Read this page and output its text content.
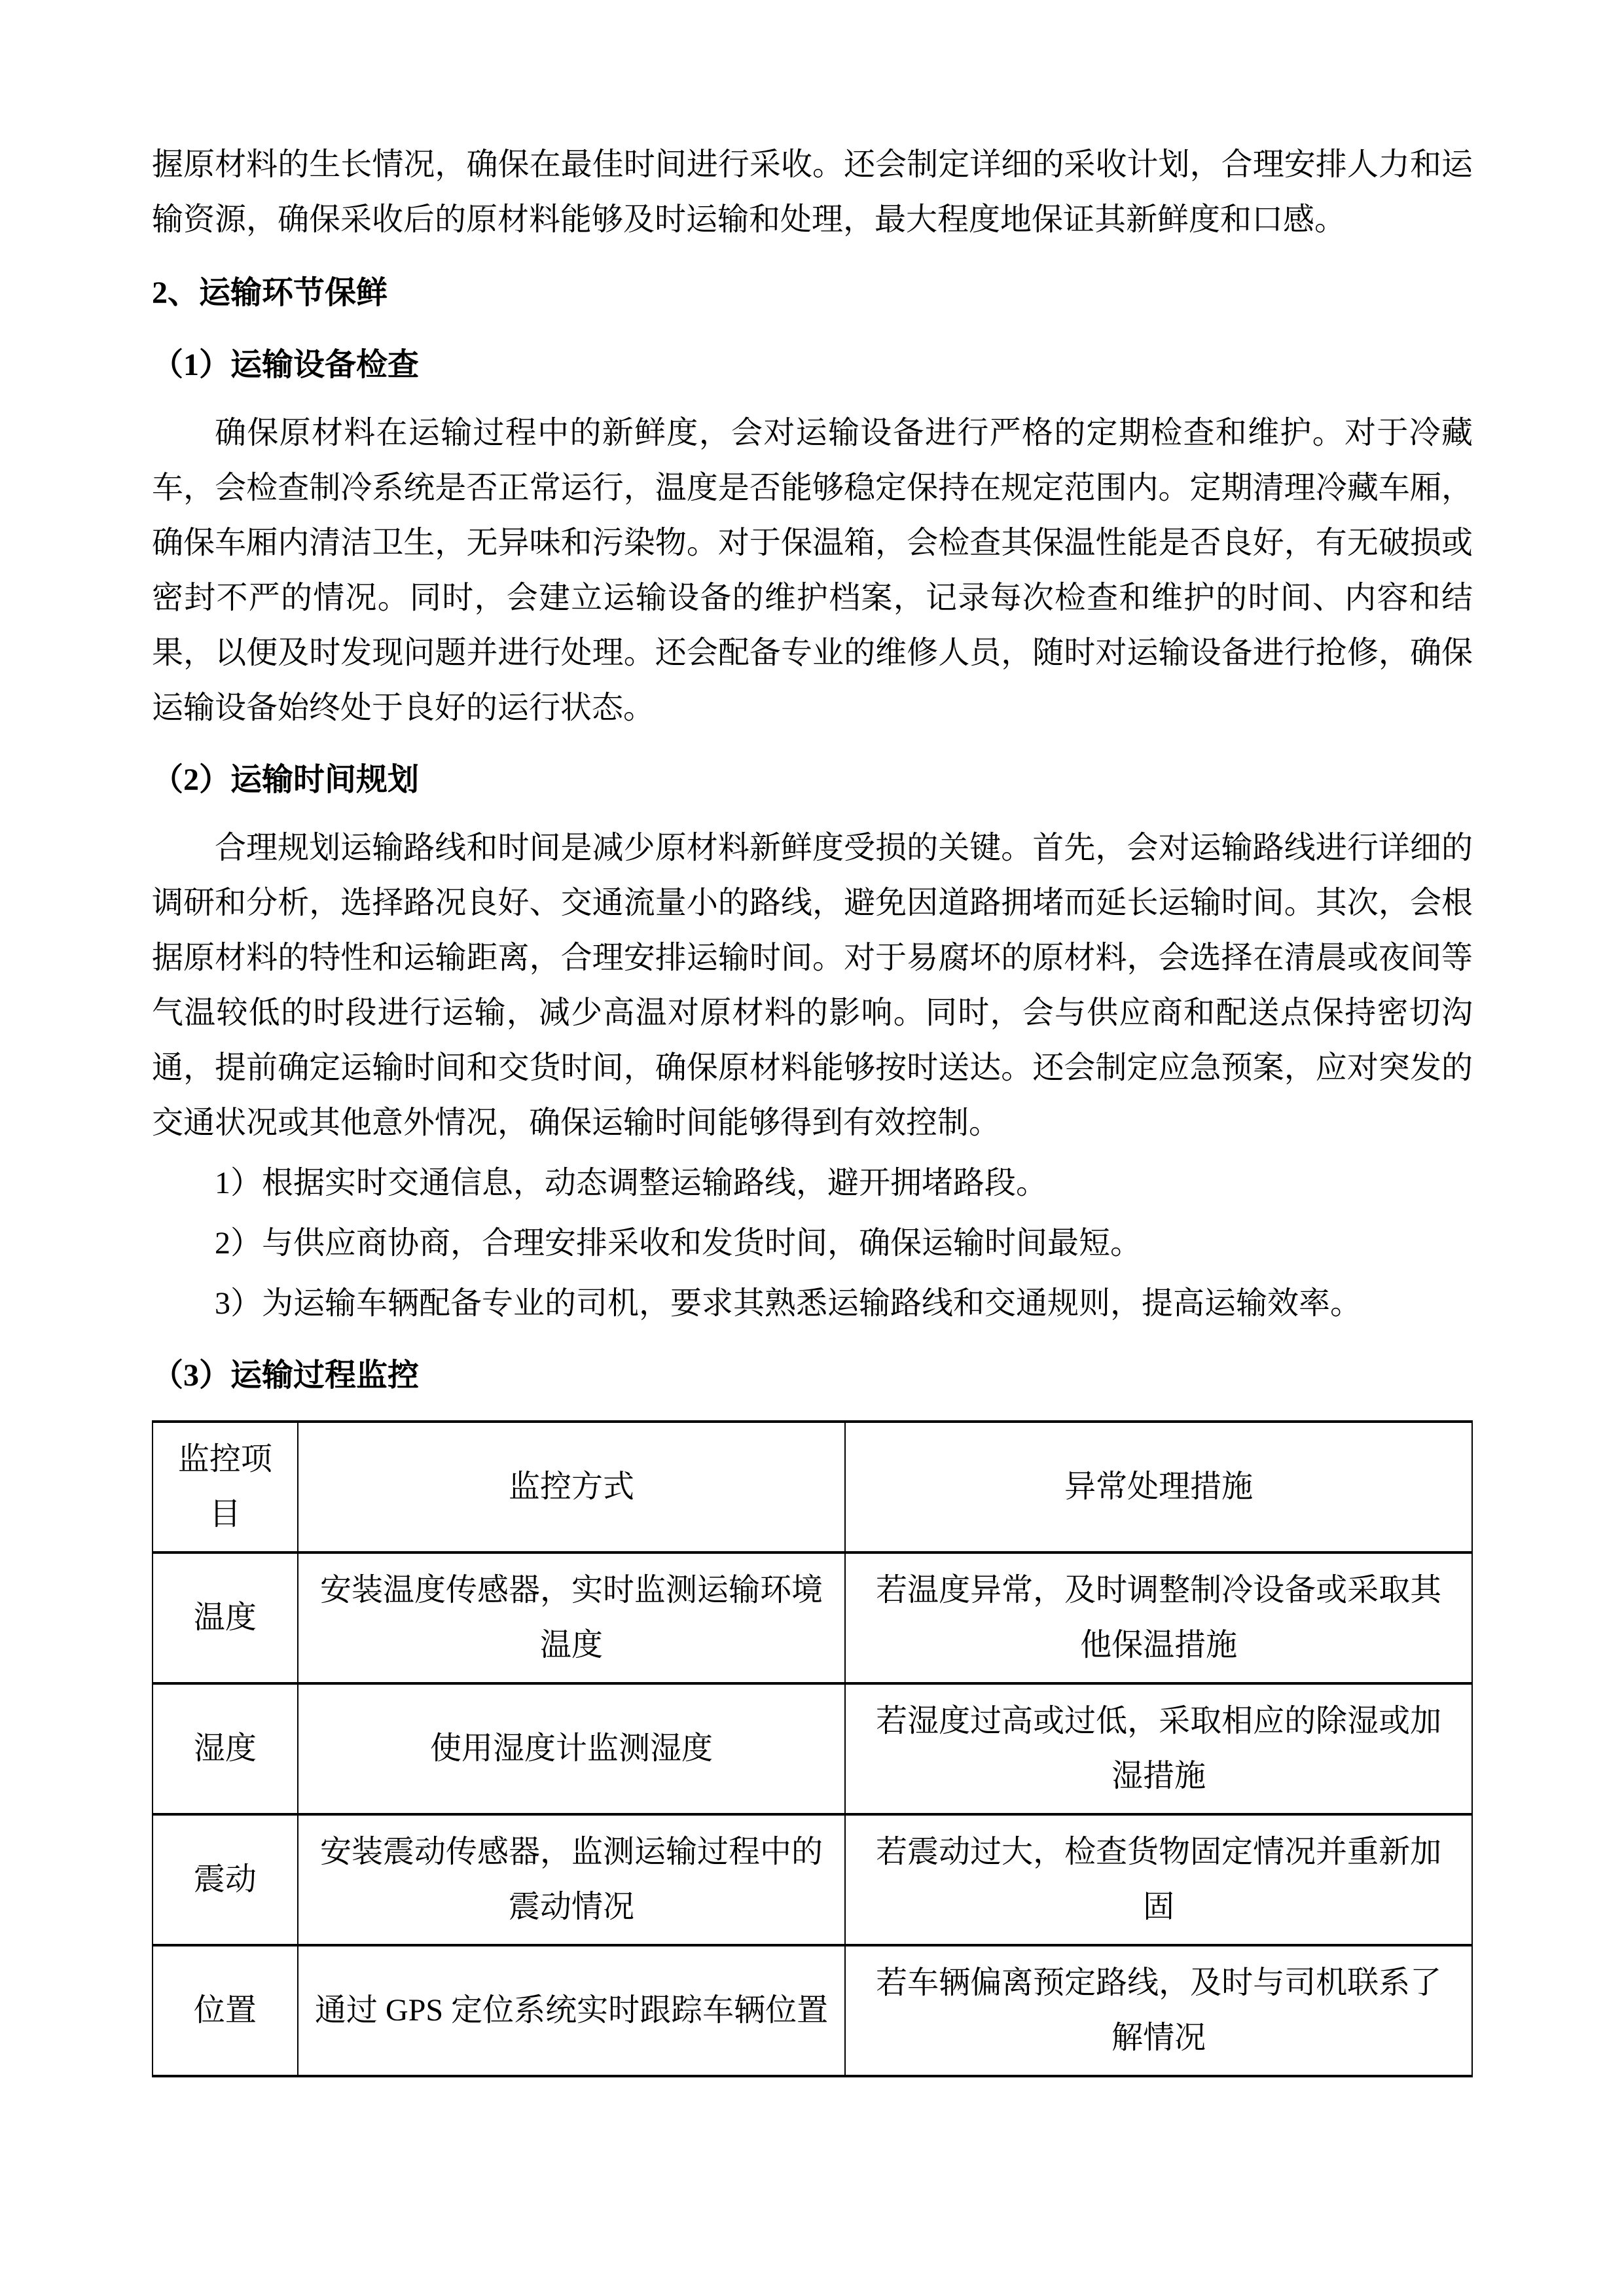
握原材料的生长情况，确保在最佳时间进行采收。还会制定详细的采收计划，合理安排人力和运输资源，确保采收后的原材料能够及时运输和处理，最大程度地保证其新鲜度和口感。

2、运输环节保鲜
（1）运输设备检查

确保原材料在运输过程中的新鲜度，会对运输设备进行严格的定期检查和维护。对于冷藏车，会检查制冷系统是否正常运行，温度是否能够稳定保持在规定范围内。定期清理冷藏车厢，确保车厢内清洁卫生，无异味和污染物。对于保温箱，会检查其保温性能是否良好，有无破损或密封不严的情况。同时，会建立运输设备的维护档案，记录每次检查和维护的时间、内容和结果，以便及时发现问题并进行处理。还会配备专业的维修人员，随时对运输设备进行抢修，确保运输设备始终处于良好的运行状态。

（2）运输时间规划

合理规划运输路线和时间是减少原材料新鲜度受损的关键。首先，会对运输路线进行详细的调研和分析，选择路况良好、交通流量小的路线，避免因道路拥堵而延长运输时间。其次，会根据原材料的特性和运输距离，合理安排运输时间。对于易腐坏的原材料，会选择在清晨或夜间等气温较低的时段进行运输，减少高温对原材料的影响。同时，会与供应商和配送点保持密切沟通，提前确定运输时间和交货时间，确保原材料能够按时送达。还会制定应急预案，应对突发的交通状况或其他意外情况，确保运输时间能够得到有效控制。

1）根据实时交通信息，动态调整运输路线，避开拥堵路段。

2）与供应商协商，合理安排采收和发货时间，确保运输时间最短。

3）为运输车辆配备专业的司机，要求其熟悉运输路线和交通规则，提高运输效率。

（3）运输过程监控
监控项目	监控方式	异常处理措施
温度	安装温度传感器，实时监测运输环境温度	若温度异常，及时调整制冷设备或采取其他保温措施
湿度	使用湿度计监测湿度	若湿度过高或过低，采取相应的除湿或加湿措施
震动	安装震动传感器，监测运输过程中的震动情况	若震动过大，检查货物固定情况并重新加固
位置	通过 GPS 定位系统实时跟踪车辆位置	若车辆偏离预定路线，及时与司机联系了解情况
